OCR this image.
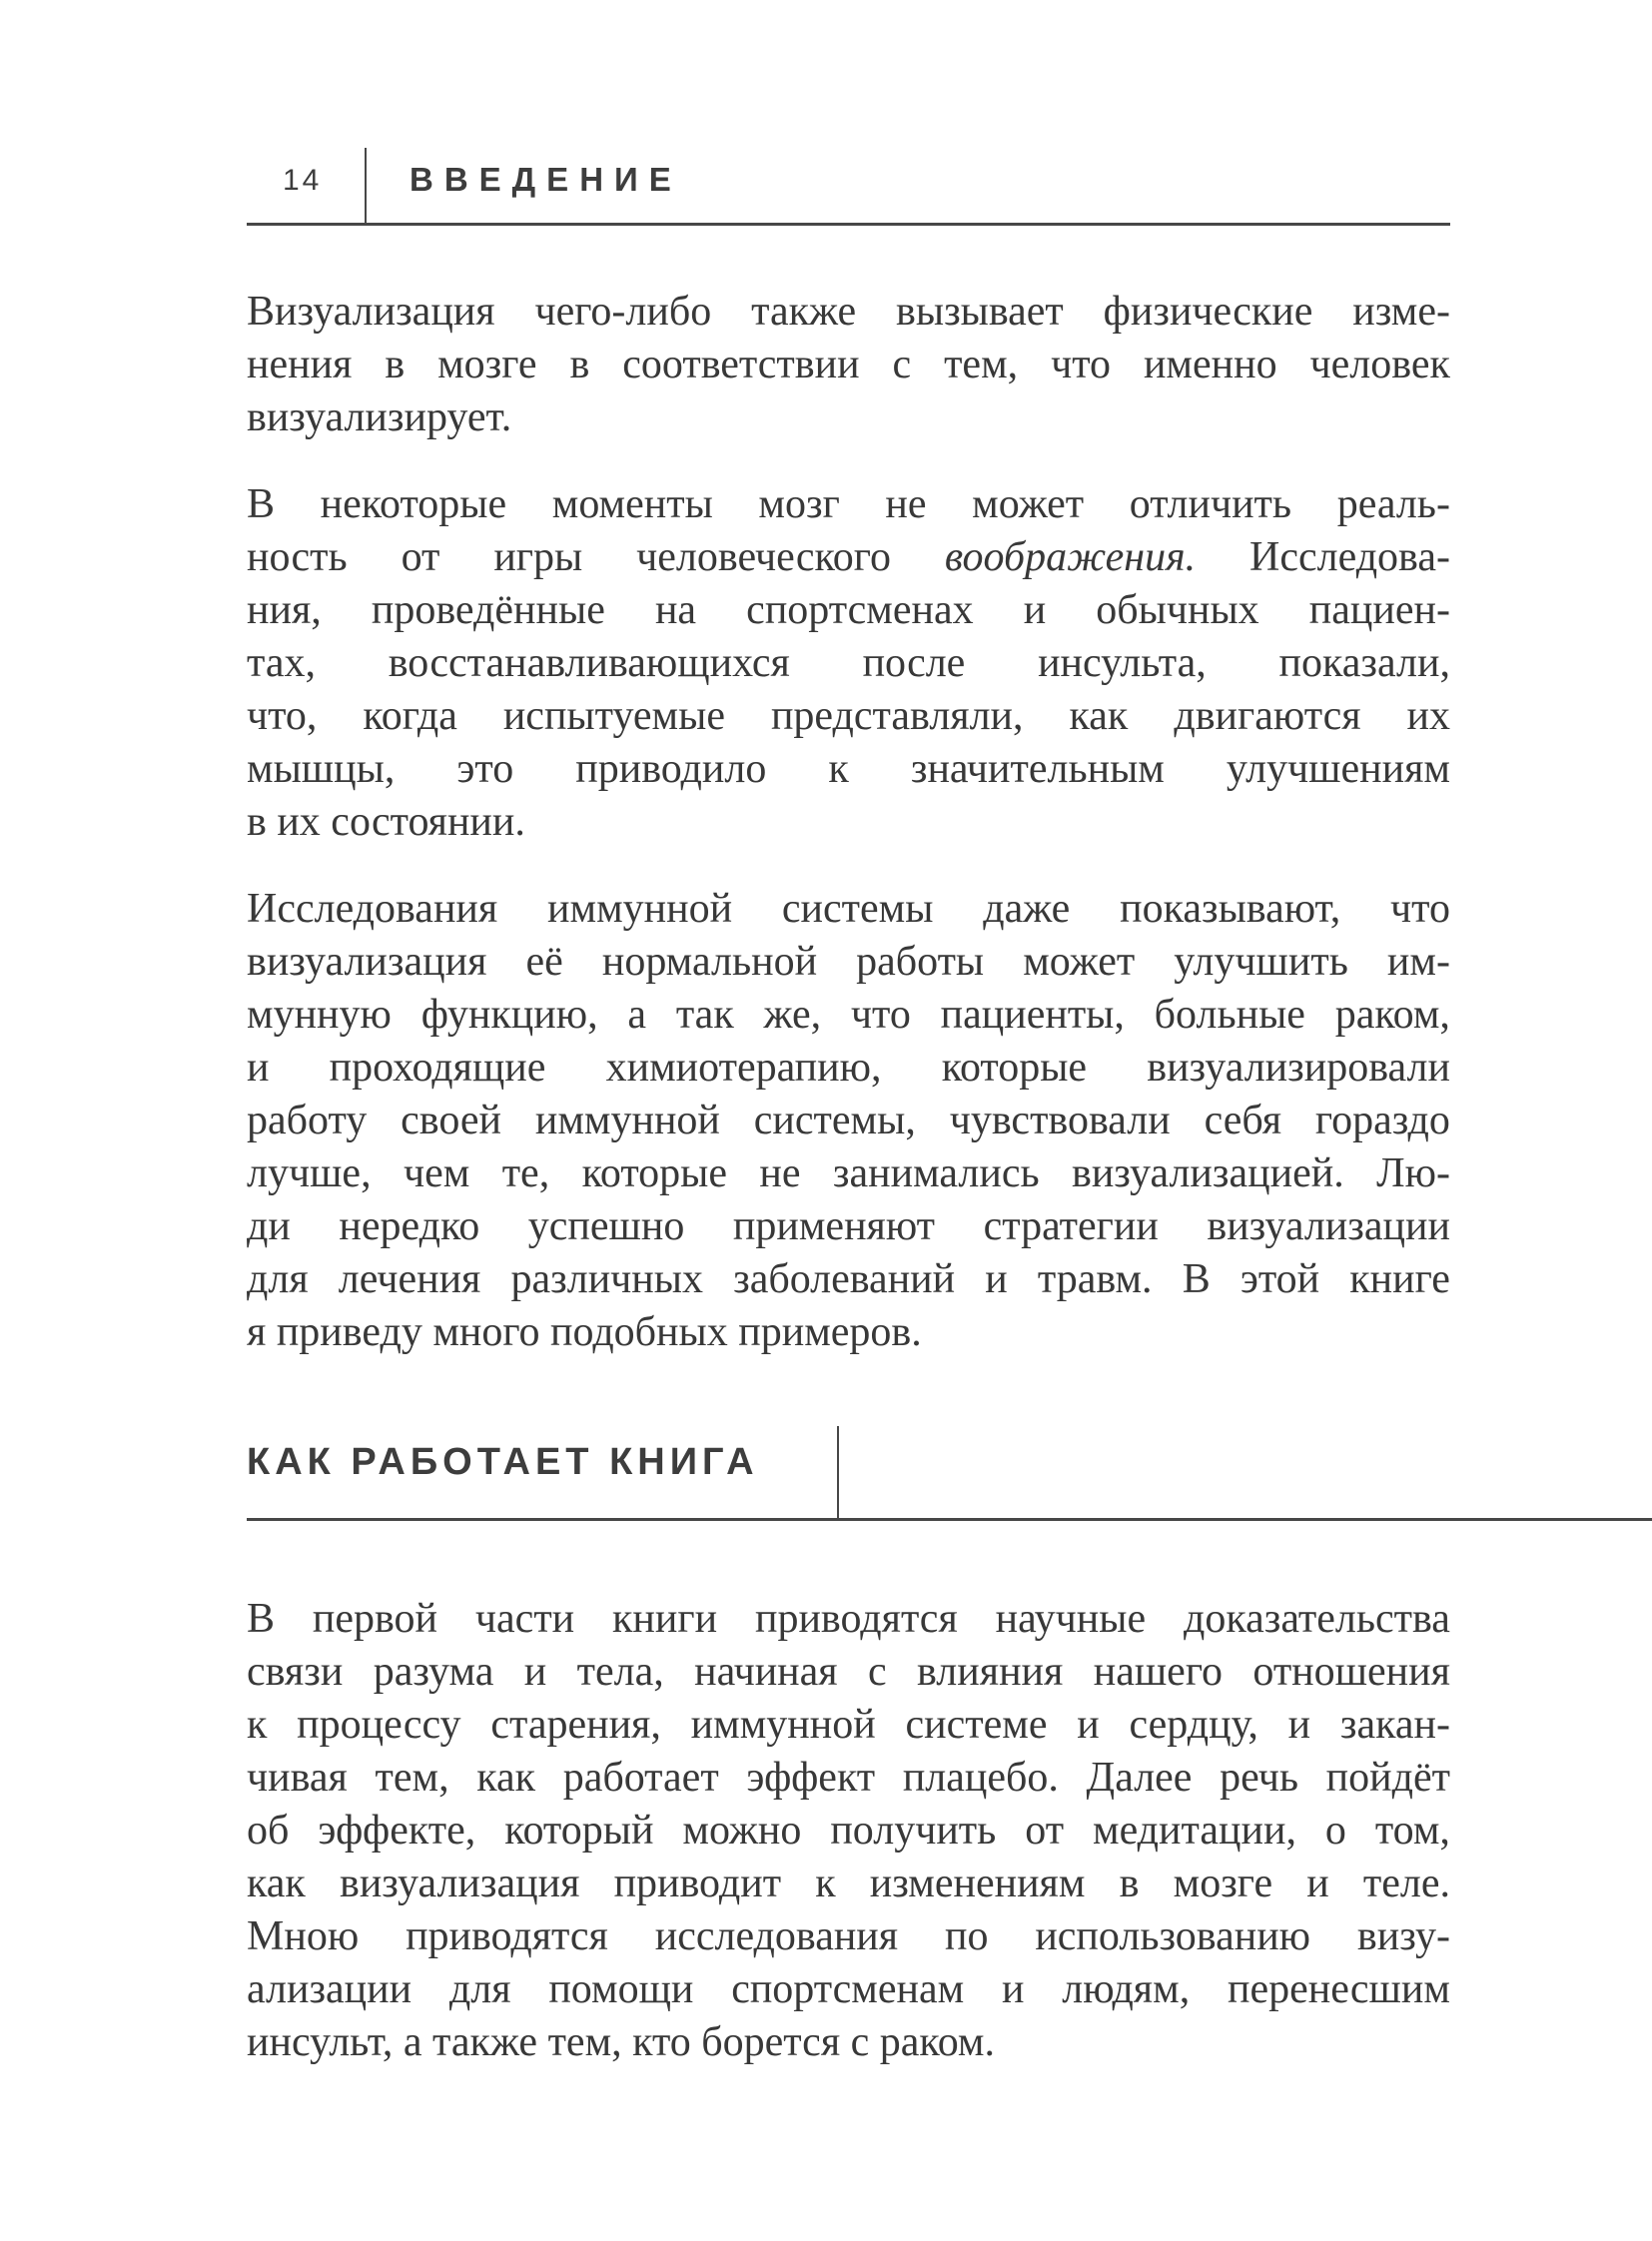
14	ВВЕДЕНИЕ

Визуализация чего-либо также вызывает физические изме-
нения в мозге в соответствии с тем, что именно человек
визуализирует.

В некоторые моменты мозг не может отличить реаль-
ность от игры человеческого воображения. Исследова-
ния, проведённые на спортсменах и обычных пациен-
тах, восстанавливающихся после инсульта, показали,
что, когда испытуемые представляли, как двигаются их
мышцы, это приводило к значительным улучшениям
в их состоянии.

Исследования иммунной системы даже показывают, что
визуализация её нормальной работы может улучшить им-
мунную функцию, а так же, что пациенты, больные раком,
и проходящие химиотерапию, которые визуализировали
работу своей иммунной системы, чувствовали себя гораздо
лучше, чем те, которые не занимались визуализацией. Лю-
ди нередко успешно применяют стратегии визуализации
для лечения различных заболеваний и травм. В этой книге
я приведу много подобных примеров.

КАК РАБОТАЕТ КНИГА

В первой части книги приводятся научные доказательства
связи разума и тела, начиная с влияния нашего отношения
к процессу старения, иммунной системе и сердцу, и закан-
чивая тем, как работает эффект плацебо. Далее речь пойдёт
об эффекте, который можно получить от медитации, о том,
как визуализация приводит к изменениям в мозге и теле.
Мною приводятся исследования по использованию визу-
ализации для помощи спортсменам и людям, перенесшим
инсульт, а также тем, кто борется с раком.
